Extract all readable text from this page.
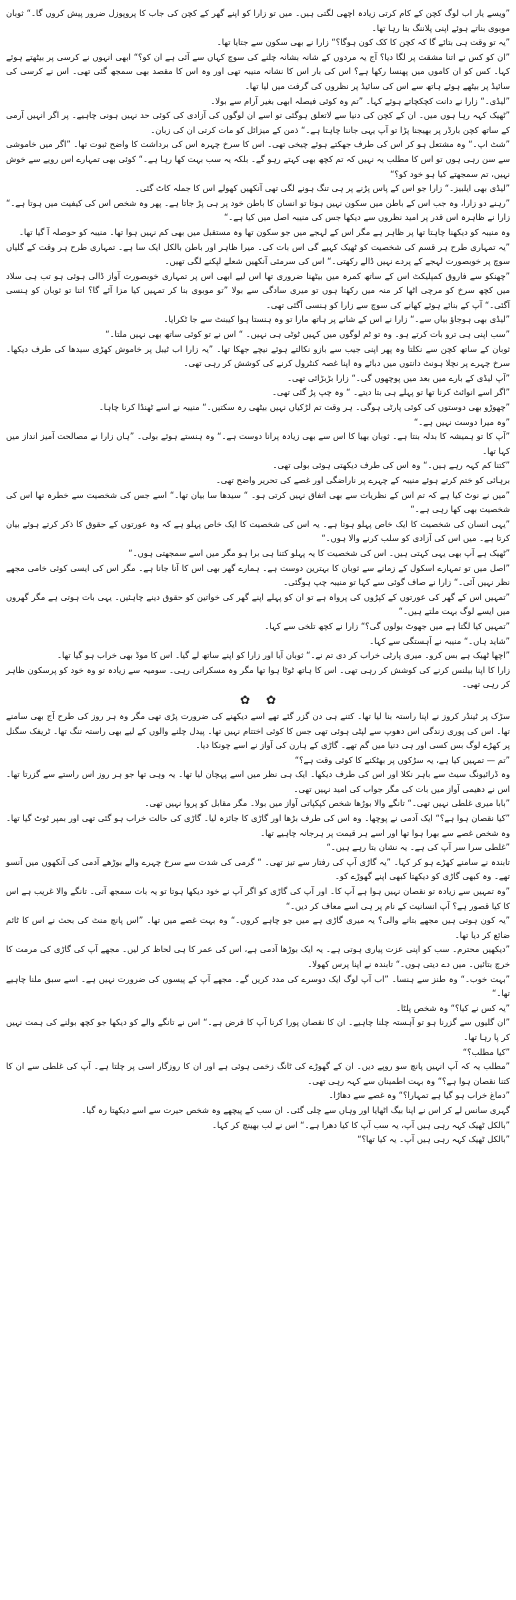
”ویسے یار اب لوگ کچن کے کام کرتی زیادہ اچھی لگتی ہیں۔ میں تو زارا کو اپنے گھر کے کچن کی جاب کا پروپوزل ضرور پیش کروں گا۔“ ثوبان موبوی بناتے ہوئے اپنی پلاننگ بتا رہا تھا۔

”یہ تو وقت ہی بتائے گا کہ کچن کا کک کون ہوگا؟“ زارا نے بھی سکون سے جتایا تھا۔

”ان کو کس نے اتنا مشقت پر لگا دیا؟ آج یہ مردوں کے شانہ بشانہ چلنے کی سوچ کہاں سے آئی ہے ان کو؟“ ابھی انہوں نے کرسی پر بیٹھتے ہوئے کہا۔ کس کو ان کاموں میں پھنسا رکھا ہے؟ اس کی بار اس کا نشانہ منیبہ تھی اور وہ اس کا مقصد بھی سمجھ گئی تھی۔ اس نے کرسی کی سائیڈ پر بیٹھے ہوئے ہاتھ سے اس کی سائیڈ پر نظروں کی گرفت میں لیا تھا۔

”لیڈی۔“ زارا نے دانت کچکچاتے ہوئے کہا۔ ”تم وہ کوئی فیصلہ ابھی بغیر آرام سے بولا۔

”ٹھیک کہہ رہا ہوں میں۔ ان کے کچن کی دنیا سے لاتعلق ہوگئی تو اسے ان لوگوں کی آزادی کی کوئی حد نہیں ہونی چاہیے۔ پر اگر انہیں آرمی کے ساتھ کچن بارڈر پر بھیجنا پڑا تو آپ یہی جاننا چاہتا ہے۔“ ذمن کے میزائل کو مات کرتی ان کی زبان۔

”شٹ اپ۔“ وہ مشتعل ہو کر اس کی طرف جھکتے ہوئے چیخی تھی۔ اس کا سرخ چہرہ اس کی برداشت کا واضح ثبوت تھا۔ ”اگر میں خاموشی سے سن رہی ہوں تو اس کا مطلب یہ نہیں کہ تم کچھ بھی کہتے رہو گے۔ بلکہ یہ سب بہت کھا رہا ہے۔“ کوئی بھی تمہارے اس رویے سے خوش نہیں، تم سمجھتے کیا ہو خود کو؟“

”لیڈی بھی ایلبیز۔“ زارا جو اس کے پاس پڑنے پر ہی تنگ ہونے لگی تھی آنکھیں کھولے اس کا جملہ کاٹ گئی۔

”رہنے دو زارا، وہ جب اس کے باطن میں سکون نہیں ہوتا تو انسان کا باطن خود پر ہی پڑ جاتا ہے۔ پھر وہ شخص اس کی کیفیت میں ہوتا ہے۔“ زارا نے ظاہرہ اس قدر پر امید نظروں سے دیکھا جس کی منیبہ اصل میں کیا ہے۔“

وہ منیبہ کو دیکھنا چاہتا تھا پر ظاہر ہے مگر اس کے لہجے میں جو سکون تھا وہ مستقبل میں بھی کم نہیں ہوا تھا۔ منیبہ کو حوصلہ آ گیا تھا۔

”یہ تمہاری طرح ہر قسم کی شخصیت کو ٹھیک کہیے گی اس بات کی۔ میرا ظاہر اور باطن بالکل ایک سا ہے۔ تمہاری طرح ہر وقت کے گلیاں سوچ پر خوبصورت لہجے کے پردے نہیں ڈالے رکھتی۔“ اس کی سرمئی آنکھیں شعلے لپکنے لگی تھیں۔

”چھنکو سے فاروق کمپلیکٹ اس کے ساتھ کمرہ میں بیٹھنا ضروری تھا اس لیے ابھی اس پر تمہاری خوبصورت آواز ڈالی ہوئی ہو تب ہی سلاد میں کچھ سرخ کو مرچی اٹھا کر منہ میں رکھتا ہوں تو میری سادگی سے بولا ”تو موبوی بنا کر تمہیں کیا مزا آئے گا؟ اتنا تو ثوبان کو ہنسی آگئی۔“ آپ کے بنائے ہوئے کھانے کی سوچ سے زارا کو ہنسی آگئی تھی۔

”لیڈی بھی ہوجاؤ بیاں سے۔“ زارا نے اس کے شانے پر ہاتھ مارا تو وہ ہنستا ہوا کیبنٹ سے جا ٹکرایا۔

”سب اپنی ہی ترو بات کرتے ہو۔ وہ تو ٹم لوگوں میں کہیں ٹوٹی ہی نہیں۔ “ اس نے تو کوئی ساتھ بھی نہیں ملتا۔“

ثوبان کے ساتھ کچن سے نکلتا وہ پھر اپنی جیب سے بازو نکالتے ہوئے نیچے جھکا تھا۔ ”یہ زارا اب ٹیبل پر خاموش کھڑی سیدھا کی طرف دیکھا۔ سرخ چہرے پر نچلا ہونٹ دانتوں میں دبائے وہ اپنا غصہ کنٹرول کرنے کی کوشش کر رہی تھی۔

”آپ لیڈی کے بارے میں بعد میں پوچھوں گی۔“ زارا بڑبڑائی تھی۔

”اگر اسے انوائٹ کرنا تھا تو پہلے ہی بتا دیتے۔ “ وہ چپ پڑ گئی تھی۔

”چھوڑو بھی دوستوں کی کوئی پارٹی ہوگی۔ ہر وقت تم لڑکیاں نہیں بیٹھی رہ سکتیں۔“ منیبہ نے اسے ٹھنڈا کرنا چاہا۔

”وہ میرا دوست نہیں ہے۔“

”آپ کا تو ہمیشہ کا بدلہ بنتا ہے۔ ثوبان بھیا کا اس سے بھی زیادہ پرانا دوست ہے۔“ وہ ہنستے ہوئے بولی۔ ”ہاں زارا نے مصالحت آمیز انداز میں کہا تھا۔

”کتنا کم کہہ رہے ہیں۔“ وہ اس کی طرف دیکھتی ہوئی بولی تھی۔

برہائی کو ختم کرتے ہوئے منیبہ کے چہرے پر ناراضگی اور غصے کی تحریر واضح تھی۔

”میں نے نوٹ کیا ہے کہ تم اس کے نظریات سے بھی اتفاق نہیں کرتی ہو۔ “ سیدھا سا بیان تھا۔“ اسے جس کی شخصیت سے خطرہ تھا اس کی شخصیت بھی کھا رہی ہے۔“

”یہی انسان کی شخصیت کا ایک خاص پہلو ہوتا ہے۔ یہ اس کی شخصیت کا ایک خاص پہلو ہے کہ وہ عورتوں کے حقوق کا ذکر کرتے ہوئے بیان کرتا ہے۔ میں اس کی آزادی کو سلب کرنے والا ہوں۔“

”ٹھیک ہے آپ بھی یہی کہتی ہیں۔ اس کی شخصیت کا یہ پہلو کتنا ہی برا ہو مگر میں اسے سمجھتی ہوں۔“

”اصل میں تو تمہارے اسکول کے زمانے سے ثوبان کا بہترین دوست ہے۔ ہمارے گھر بھی اس کا آنا جانا ہے۔ مگر اس کی ایسی کوئی خامی مجھے نظر نہیں آئی۔“ زارا نے صاف گوئی سے کہا تو منیبہ چپ ہوگئی۔

”تمہیں اس کے گھر کی عورتوں کے کپڑوں کی پرواہ ہے تو ان کو پہلے اپنے گھر کی خواتین کو حقوق دینے چاہئیں۔ یہی بات ہوتی ہے مگر گھروں میں ایسے لوگ بہت ملتے ہیں۔“

”تمہیں کیا لگتا ہے میں جھوٹ بولوں گی؟“ زارا نے کچھ تلخی سے کہا۔

”شاید ہاں۔“ منیبہ نے آہستگی سے کہا۔

”اچھا ٹھیک ہے بس کرو۔ میری پارٹی خراب کر دی تم نے۔“ ثوبان آیا اور زارا کو اپنے ساتھ لے گیا۔ اس کا موڈ بھی خراب ہو گیا تھا۔

زارا کا اپنا بیلنس کرنے کی کوشش کر رہی تھی۔ اس کا ہاتھ ٹوٹا ہوا تھا مگر وہ مسکراتی رہی۔ سومیہ سے زیادہ تو وہ خود کو پرسکون ظاہر کر رہی تھی۔

✿
✿

سڑک پر ٹینڈر کروز نے اپنا راستہ بنا لیا تھا۔ کتنے ہی دن گزر گئے تھے اسے دیکھنے کی ضرورت پڑی تھی مگر وہ ہر روز کی طرح آج بھی سامنے تھا۔ اس کی پوری زندگی اس دھوپ سے لپٹی ہوئی تھی جس کا کوئی اختتام نہیں تھا۔ پیدل چلنے والوں کے لیے بھی راستہ تنگ تھا۔ ٹریفک سگنل پر کھڑے لوگ بس کسی اور ہی دنیا میں گم تھے۔ گاڑی کے ہارن کی آواز نے اسے چونکا دیا۔

”تم — تمہیں کیا ہے، یہ سڑکوں پر بھٹکنے کا کوئی وقت ہے؟“

وہ ڈرائیونگ سیٹ سے باہر نکلا اور اس کی طرف دیکھا۔ ایک ہی نظر میں اسے پہچان لیا تھا۔ یہ وہی تھا جو ہر روز اس راستے سے گزرتا تھا۔ اس نے دھیمی آواز میں بات کی مگر جواب کی امید نہیں تھی۔

”بابا میری غلطی نہیں تھی۔“ تانگے والا بوڑھا شخص کپکپاتی آواز میں بولا۔ مگر مقابل کو پروا نہیں تھی۔

”کیا نقصان ہوا ہے؟“ ایک آدمی نے پوچھا۔ وہ اس کی طرف بڑھا اور گاڑی کا جائزہ لیا۔ گاڑی کی حالت خراب ہو گئی تھی اور بمپر ٹوٹ گیا تھا۔ وہ شخص غصے سے بھرا ہوا تھا اور اسے ہر قیمت پر ہرجانہ چاہیے تھا۔

”غلطی سرا سر آپ کی ہے۔ یہ نشان بتا رہے ہیں۔“

تابندہ نے سامنے کھڑے ہو کر کہا۔ ”یہ گاڑی آپ کی رفتار سے تیز تھی۔ “ گرمی کی شدت سے سرخ چہرے والے بوڑھے آدمی کی آنکھوں میں آنسو تھے۔ وہ کبھی گاڑی کو دیکھتا کبھی اپنے گھوڑے کو۔

”وہ تمہیں سے زیادہ تو نقصان نہیں ہوا ہے آپ کا۔ اور آپ کی گاڑی کو اگر آپ نے خود دیکھا ہوتا تو یہ بات سمجھ آتی۔ تانگے والا غریب ہے اس کا کیا قصور ہے؟ آپ انسانیت کے نام پر ہی اسے معاف کر دیں۔“

”یہ کون ہوتی ہیں مجھے بتانے والی؟ یہ میری گاڑی ہے میں جو چاہے کروں۔“ وہ بہت غصے میں تھا۔ ”اس پانچ منٹ کی بحث نے اس کا ٹائم ضائع کر دیا تھا۔

”دیکھیں محترم۔ سب کو اپنی عزت پیاری ہوتی ہے۔ یہ ایک بوڑھا آدمی ہے، اس کی عمر کا ہی لحاظ کر لیں۔ مجھے آپ کی گاڑی کی مرمت کا خرچ بتائیں۔ میں دے دیتی ہوں۔“ تابندہ نے اپنا پرس کھولا۔

”بہت خوب۔“ وہ طنز سے ہنسا۔ ”اب آپ لوگ ایک دوسرے کی مدد کریں گے۔ مجھے آپ کے پیسوں کی ضرورت نہیں ہے۔ اسے سبق ملنا چاہیے تھا۔“

”یہ کس نے کیا؟“ وہ شخص پلٹا۔

”ان گلیوں سے گزرنا ہو تو آہستہ چلنا چاہیے۔ ان کا نقصان پورا کرنا آپ کا فرض ہے۔“ اس نے تانگے والے کو دیکھا جو کچھ بولنے کی ہمت نہیں کر پا رہا تھا۔

”کیا مطلب؟“

”مطلب یہ کہ آپ انہیں پانچ سو روپے دیں۔ ان کے گھوڑے کی ٹانگ زخمی ہوئی ہے اور ان کا روزگار اسی پر چلتا ہے۔ آپ کی غلطی سے ان کا کتنا نقصان ہوا ہے؟“ وہ بہت اطمینان سے کہہ رہی تھی۔

”دماغ خراب ہو گیا ہے تمہارا؟“ وہ غصے سے دھاڑا۔

گہری سانس لے کر اس نے اپنا بیگ اٹھایا اور وہاں سے چلی گئی۔ ان سب کے پیچھے وہ شخص حیرت سے اسے دیکھتا رہ گیا۔

”بالکل ٹھیک کہہ رہی ہیں آپ، یہ سب آپ کا کیا دھرا ہے۔“ اس نے لب بھینچ کر کہا۔

”بالکل ٹھیک کہہ رہی ہیں آپ۔ یہ کیا تھا؟“
